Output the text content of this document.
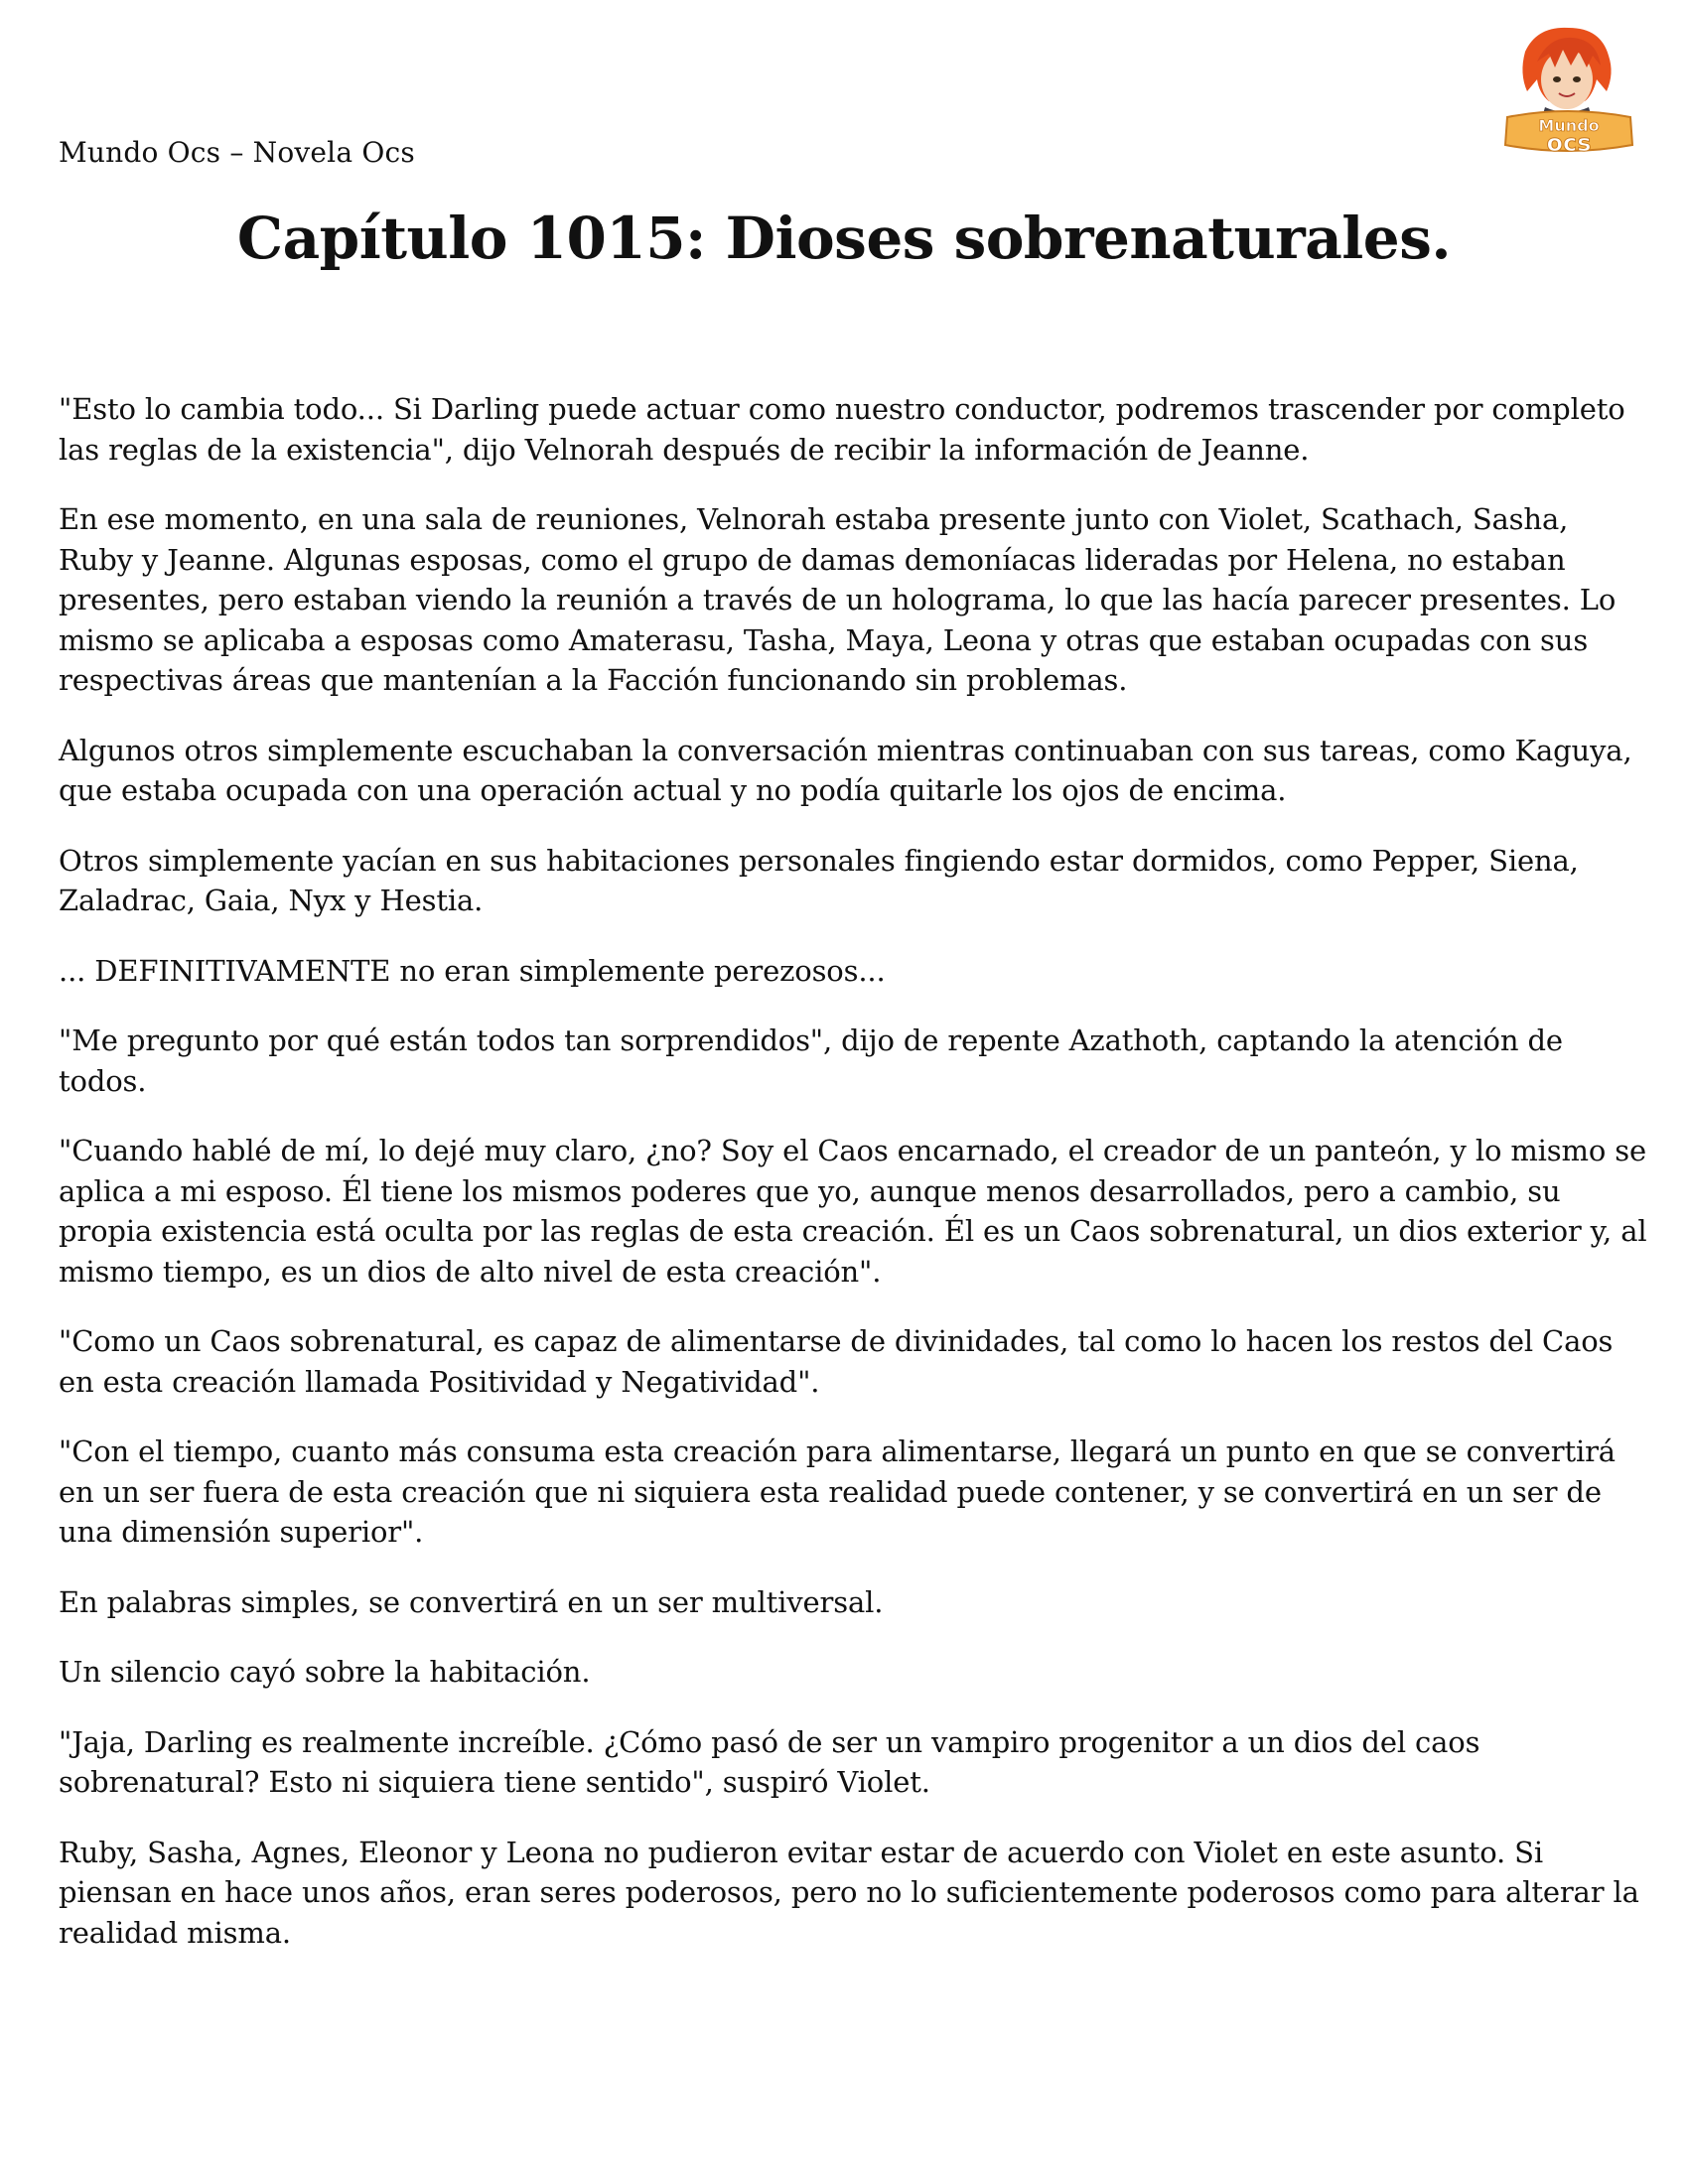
Mundo Ocs – Novela Ocs
Mundo
ocs
Capítulo 1015: Dioses sobrenaturales.

"Esto lo cambia todo... Si Darling puede actuar como nuestro conductor, podremos trascender por completo las reglas de la existencia", dijo Velnorah después de recibir la información de Jeanne.

En ese momento, en una sala de reuniones, Velnorah estaba presente junto con Violet, Scathach, Sasha, Ruby y Jeanne. Algunas esposas, como el grupo de damas demoníacas lideradas por Helena, no estaban presentes, pero estaban viendo la reunión a través de un holograma, lo que las hacía parecer presentes. Lo mismo se aplicaba a esposas como Amaterasu, Tasha, Maya, Leona y otras que estaban ocupadas con sus respectivas áreas que mantenían a la Facción funcionando sin problemas.

Algunos otros simplemente escuchaban la conversación mientras continuaban con sus tareas, como Kaguya, que estaba ocupada con una operación actual y no podía quitarle los ojos de encima.

Otros simplemente yacían en sus habitaciones personales fingiendo estar dormidos, como Pepper, Siena, Zaladrac, Gaia, Nyx y Hestia.

... DEFINITIVAMENTE no eran simplemente perezosos...

"Me pregunto por qué están todos tan sorprendidos", dijo de repente Azathoth, captando la atención de todos.

"Cuando hablé de mí, lo dejé muy claro, ¿no? Soy el Caos encarnado, el creador de un panteón, y lo mismo se aplica a mi esposo. Él tiene los mismos poderes que yo, aunque menos desarrollados, pero a cambio, su propia existencia está oculta por las reglas de esta creación. Él es un Caos sobrenatural, un dios exterior y, al mismo tiempo, es un dios de alto nivel de esta creación".

"Como un Caos sobrenatural, es capaz de alimentarse de divinidades, tal como lo hacen los restos del Caos en esta creación llamada Positividad y Negatividad".

"Con el tiempo, cuanto más consuma esta creación para alimentarse, llegará un punto en que se convertirá en un ser fuera de esta creación que ni siquiera esta realidad puede contener, y se convertirá en un ser de una dimensión superior".

En palabras simples, se convertirá en un ser multiversal.

Un silencio cayó sobre la habitación.

"Jaja, Darling es realmente increíble. ¿Cómo pasó de ser un vampiro progenitor a un dios del caos sobrenatural? Esto ni siquiera tiene sentido", suspiró Violet.

Ruby, Sasha, Agnes, Eleonor y Leona no pudieron evitar estar de acuerdo con Violet en este asunto. Si piensan en hace unos años, eran seres poderosos, pero no lo suficientemente poderosos como para alterar la realidad misma.
